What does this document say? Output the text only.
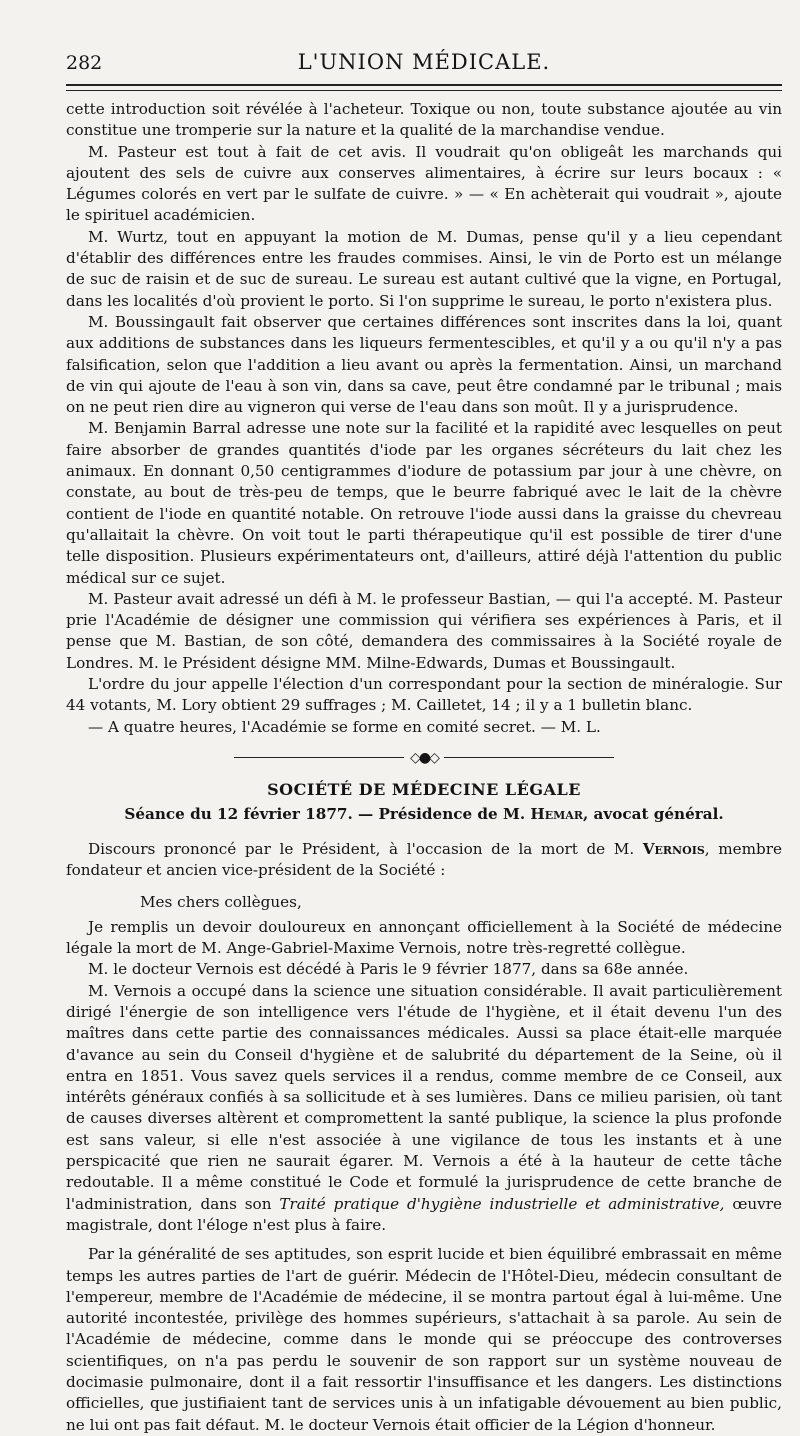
282	L'UNION MÉDICALE.

cette introduction soit révélée à l'acheteur. Toxique ou non, toute substance ajoutée au vin constitue une tromperie sur la nature et la qualité de la marchandise vendue.

M. Pasteur est tout à fait de cet avis. Il voudrait qu'on obligeât les marchands qui ajoutent des sels de cuivre aux conserves alimentaires, à écrire sur leurs bocaux : « Légumes colorés en vert par le sulfate de cuivre. » — « En achèterait qui voudrait », ajoute le spirituel académicien.

M. Wurtz, tout en appuyant la motion de M. Dumas, pense qu'il y a lieu cependant d'établir des différences entre les fraudes commises. Ainsi, le vin de Porto est un mélange de suc de raisin et de suc de sureau. Le sureau est autant cultivé que la vigne, en Portugal, dans les localités d'où provient le porto. Si l'on supprime le sureau, le porto n'existera plus.

M. Boussingault fait observer que certaines différences sont inscrites dans la loi, quant aux additions de substances dans les liqueurs fermentescibles, et qu'il y a ou qu'il n'y a pas falsification, selon que l'addition a lieu avant ou après la fermentation. Ainsi, un marchand de vin qui ajoute de l'eau à son vin, dans sa cave, peut être condamné par le tribunal ; mais on ne peut rien dire au vigneron qui verse de l'eau dans son moût. Il y a jurisprudence.

M. Benjamin Barral adresse une note sur la facilité et la rapidité avec lesquelles on peut faire absorber de grandes quantités d'iode par les organes sécréteurs du lait chez les animaux. En donnant 0,50 centigrammes d'iodure de potassium par jour à une chèvre, on constate, au bout de très-peu de temps, que le beurre fabriqué avec le lait de la chèvre contient de l'iode en quantité notable. On retrouve l'iode aussi dans la graisse du chevreau qu'allaitait la chèvre. On voit tout le parti thérapeutique qu'il est possible de tirer d'une telle disposition. Plusieurs expérimentateurs ont, d'ailleurs, attiré déjà l'attention du public médical sur ce sujet.

M. Pasteur avait adressé un défi à M. le professeur Bastian, — qui l'a accepté. M. Pasteur prie l'Académie de désigner une commission qui vérifiera ses expériences à Paris, et il pense que M. Bastian, de son côté, demandera des commissaires à la Société royale de Londres. M. le Président désigne MM. Milne-Edwards, Dumas et Boussingault.

L'ordre du jour appelle l'élection d'un correspondant pour la section de minéralogie. Sur 44 votants, M. Lory obtient 29 suffrages ; M. Cailletet, 14 ; il y a 1 bulletin blanc.

— A quatre heures, l'Académie se forme en comité secret. — M. L.

◇●◇
SOCIÉTÉ DE MÉDECINE LÉGALE
Séance du 12 février 1877. — Présidence de M. Hemar, avocat général.

Discours prononcé par le Président, à l'occasion de la mort de M. Vernois, membre fondateur et ancien vice-président de la Société :

Mes chers collègues,

Je remplis un devoir douloureux en annonçant officiellement à la Société de médecine légale la mort de M. Ange-Gabriel-Maxime Vernois, notre très-regretté collègue.

M. le docteur Vernois est décédé à Paris le 9 février 1877, dans sa 68e année.

M. Vernois a occupé dans la science une situation considérable. Il avait particulièrement dirigé l'énergie de son intelligence vers l'étude de l'hygiène, et il était devenu l'un des maîtres dans cette partie des connaissances médicales. Aussi sa place était-elle marquée d'avance au sein du Conseil d'hygiène et de salubrité du département de la Seine, où il entra en 1851. Vous savez quels services il a rendus, comme membre de ce Conseil, aux intérêts généraux confiés à sa sollicitude et à ses lumières. Dans ce milieu parisien, où tant de causes diverses altèrent et compromettent la santé publique, la science la plus profonde est sans valeur, si elle n'est associée à une vigilance de tous les instants et à une perspicacité que rien ne saurait égarer. M. Vernois a été à la hauteur de cette tâche redoutable. Il a même constitué le Code et formulé la jurisprudence de cette branche de l'administration, dans son Traité pratique d'hygiène industrielle et administrative, œuvre magistrale, dont l'éloge n'est plus à faire.

Par la généralité de ses aptitudes, son esprit lucide et bien équilibré embrassait en même temps les autres parties de l'art de guérir. Médecin de l'Hôtel-Dieu, médecin consultant de l'empereur, membre de l'Académie de médecine, il se montra partout égal à lui-même. Une autorité incontestée, privilège des hommes supérieurs, s'attachait à sa parole. Au sein de l'Académie de médecine, comme dans le monde qui se préoccupe des controverses scientifiques, on n'a pas perdu le souvenir de son rapport sur un système nouveau de docimasie pulmonaire, dont il a fait ressortir l'insuffisance et les dangers. Les distinctions officielles, que justifiaient tant de services unis à un infatigable dévouement au bien public, ne lui ont pas fait défaut. M. le docteur Vernois était officier de la Légion d'honneur.
